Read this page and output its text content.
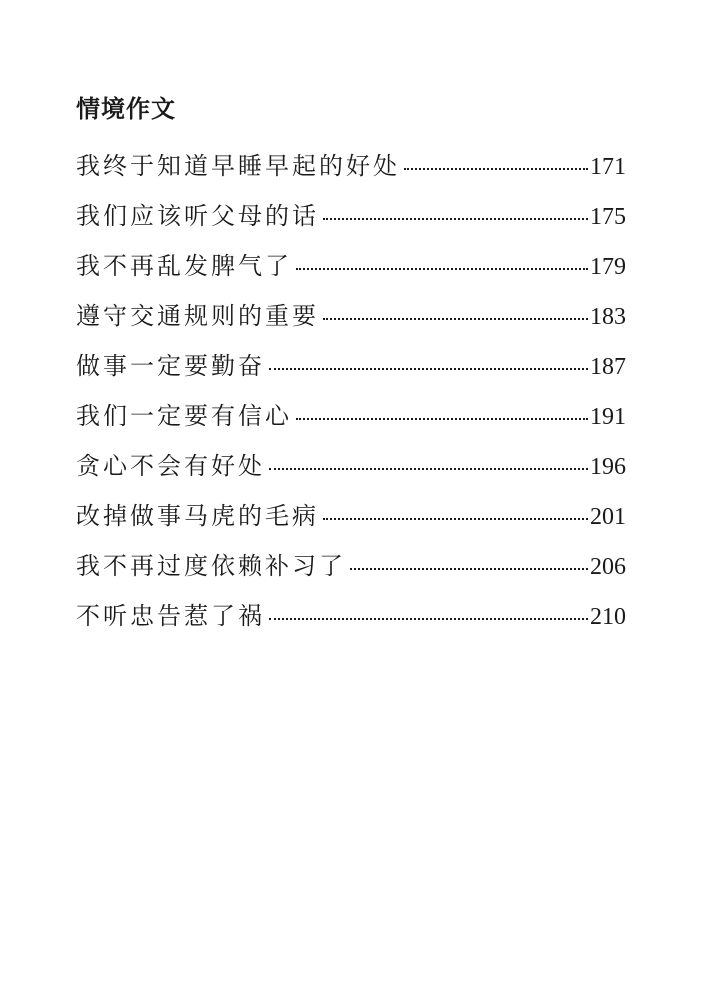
情境作文
我终于知道早睡早起的好处	171
我们应该听父母的话	175
我不再乱发脾气了	179
遵守交通规则的重要	183
做事一定要勤奋	187
我们一定要有信心	191
贪心不会有好处	196
改掉做事马虎的毛病	201
我不再过度依赖补习了	206
不听忠告惹了祸	210
